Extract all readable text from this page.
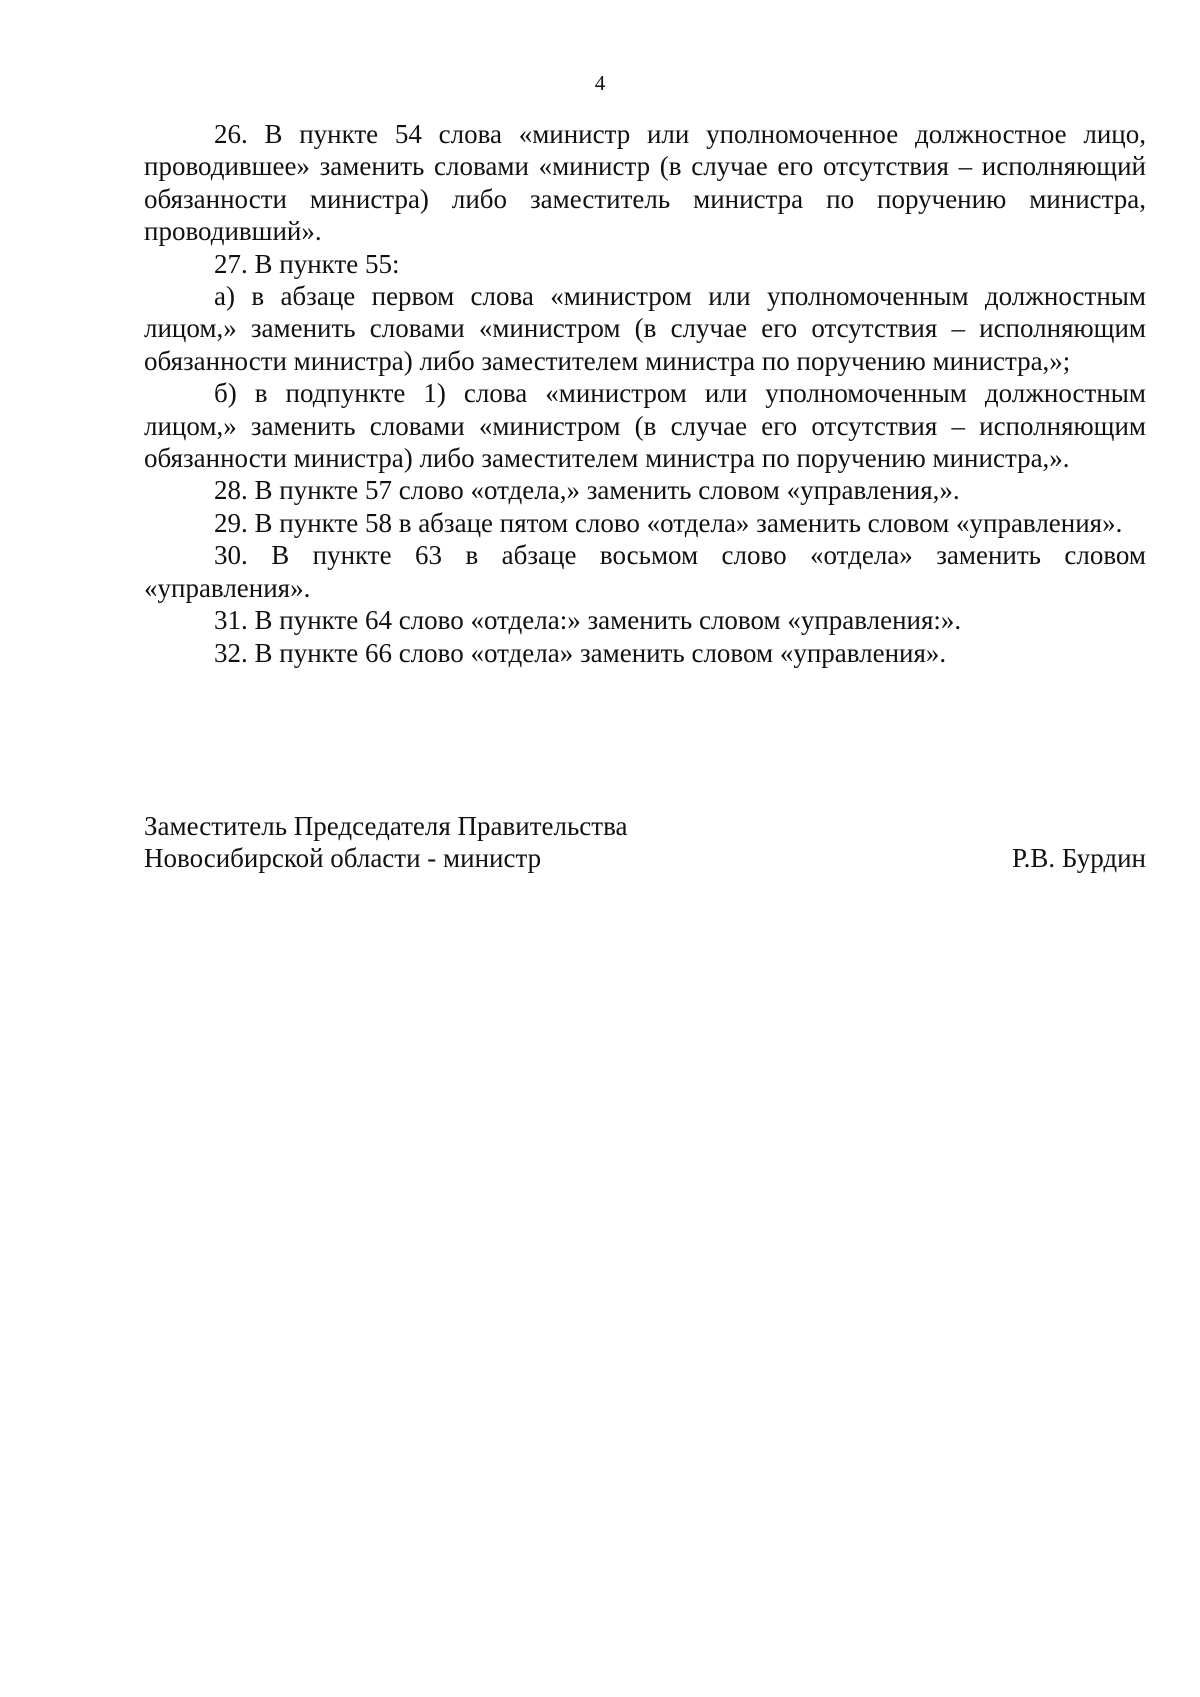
4

26. В пункте 54 слова «министр или уполномоченное должностное лицо, проводившее» заменить словами «министр (в случае его отсутствия – исполняющий обязанности министра) либо заместитель министра по поручению министра, проводивший».

27. В пункте 55:

а) в абзаце первом слова «министром или уполномоченным должностным лицом,» заменить словами «министром (в случае его отсутствия – исполняющим обязанности министра) либо заместителем министра по поручению министра,»;

б) в подпункте 1) слова «министром или уполномоченным должностным лицом,» заменить словами «министром (в случае его отсутствия – исполняющим обязанности министра) либо заместителем министра по поручению министра,».

28. В пункте 57 слово «отдела,» заменить словом «управления,».

29. В пункте 58 в абзаце пятом слово «отдела» заменить словом «управления».

30. В пункте 63 в абзаце восьмом слово «отдела» заменить словом «управления».

31. В пункте 64 слово «отдела:» заменить словом «управления:».

32. В пункте 66 слово «отдела» заменить словом «управления».

Заместитель Председателя Правительства
Новосибирской области - министр	Р.В. Бурдин
